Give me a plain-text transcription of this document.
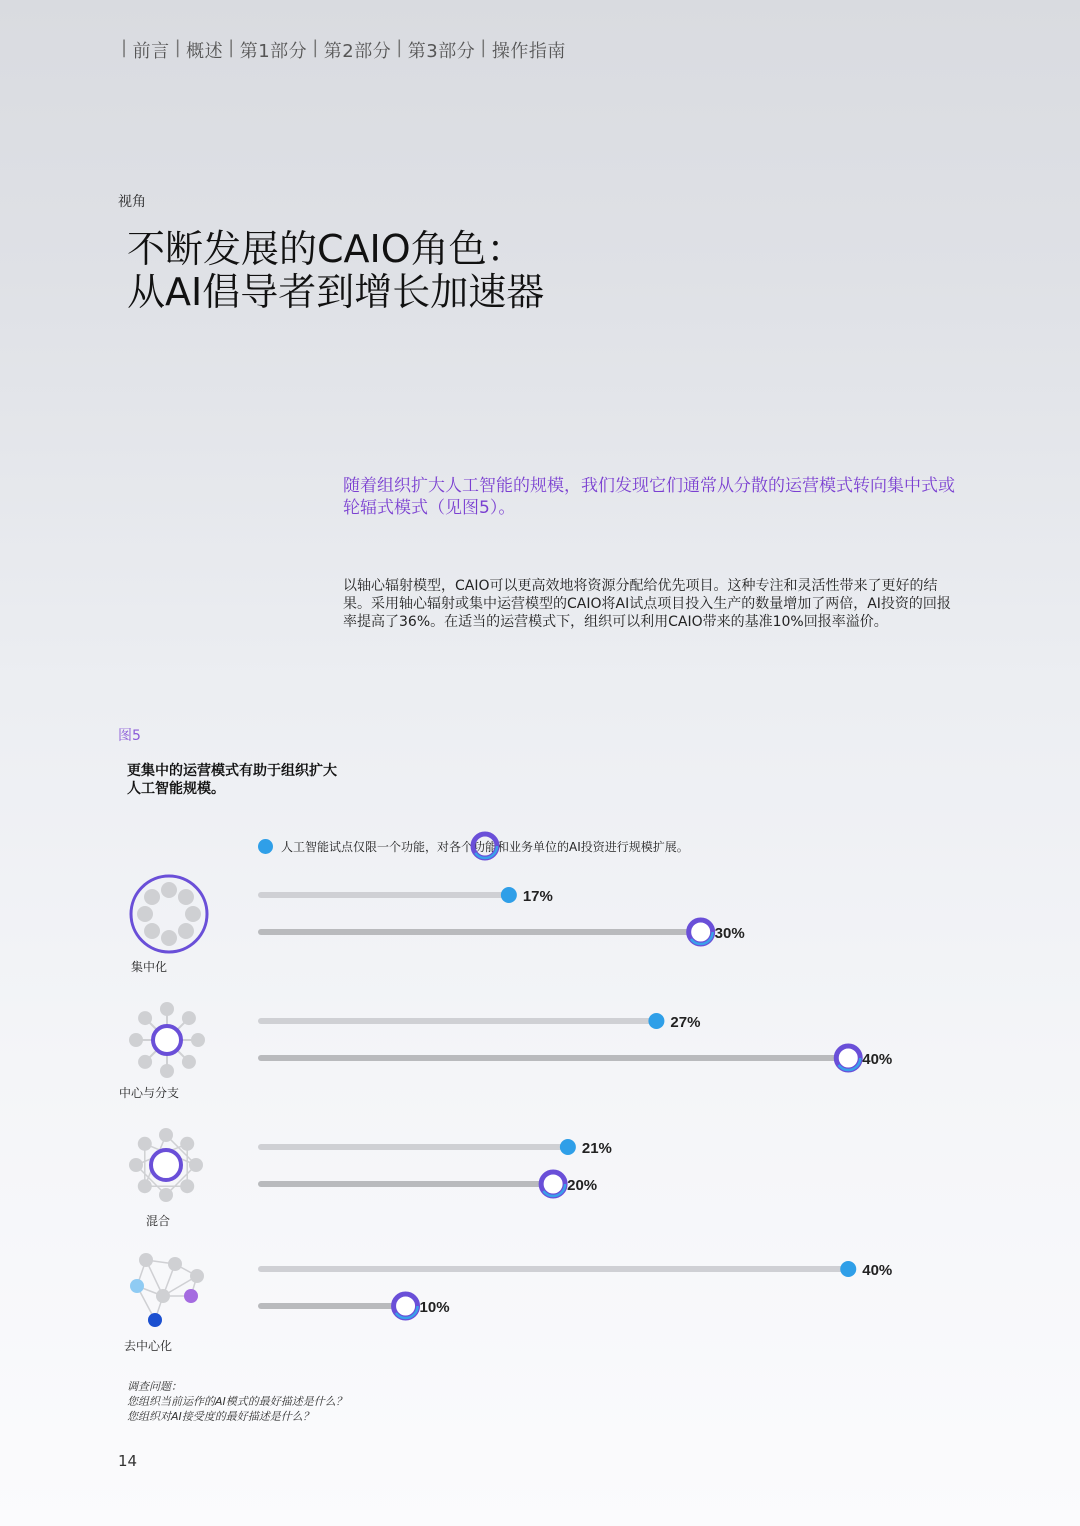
| 前言 | 概述 | 第1部分 | 第2部分 | 第3部分 | 操作指南
视角
不断发展的CAIO角色：
从AI倡导者到增长加速器
随着组织扩大人工智能的规模，我们发现它们通常从分散的运营模式转向集中式或轮辐式模式（见图5）。
以轴心辐射模型，CAIO可以更高效地将资源分配给优先项目。这种专注和灵活性带来了更好的结果。采用轴心辐射或集中运营模型的CAIO将AI试点项目投入生产的数量增加了两倍，AI投资的回报率提高了36%。在适当的运营模式下，组织可以利用CAIO带来的基准10%回报率溢价。
图5
更集中的运营模式有助于组织扩大人工智能规模。
人工智能试点仅限一个功能，对各个功能和业务单位的AI投资进行规模扩展。
17%
30%
27%
40%
21%
20%
40%
10%
集中化
中心与分支
混合
去中心化
调查问题：
您组织当前运作的AI模式的最好描述是什么？
您组织对AI接受度的最好描述是什么？
14
